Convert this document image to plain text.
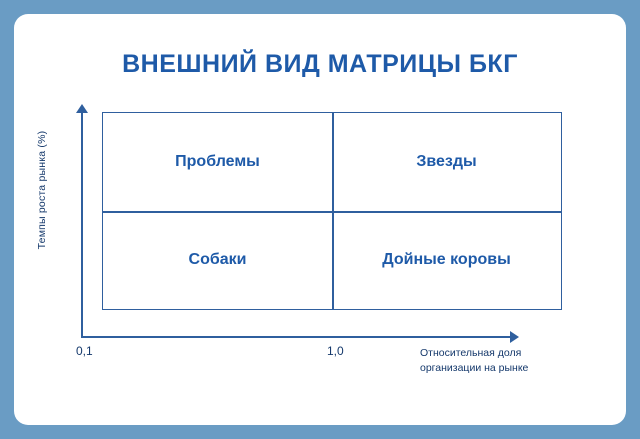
ВНЕШНИЙ ВИД МАТРИЦЫ БКГ
Темпы роста рынка (%)	Проблемы	Звезды
Собаки	Дойные коровы
0,1	1,0	Относительная доля
организации на рынке
